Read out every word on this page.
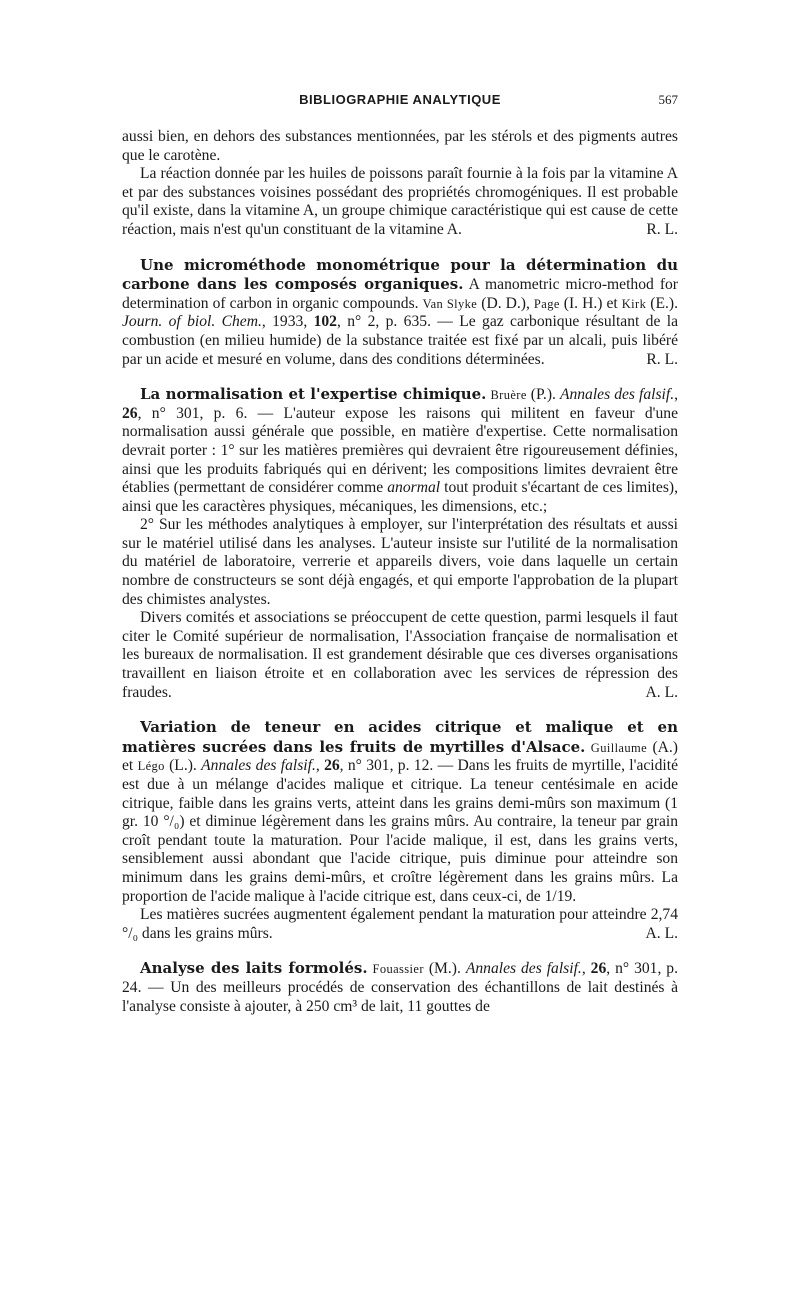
BIBLIOGRAPHIE ANALYTIQUE	567

aussi bien, en dehors des substances mentionnées, par les stérols et des pigments autres que le carotène.

La réaction donnée par les huiles de poissons paraît fournie à la fois par la vitamine A et par des substances voisines possédant des propriétés chromogéniques. Il est probable qu'il existe, dans la vitamine A, un groupe chimique caractéristique qui est cause de cette réaction, mais n'est qu'un constituant de la vitamine A.	R. L.

Une microméthode monométrique pour la détermination du carbone dans les composés organiques. A manometric micro-method for determination of carbon in organic compounds. Van Slyke (D. D.), Page (I. H.) et Kirk (E.). Journ. of biol. Chem., 1933, 102, n° 2, p. 635. — Le gaz carbonique résultant de la combustion (en milieu humide) de la substance traitée est fixé par un alcali, puis libéré par un acide et mesuré en volume, dans des conditions déterminées.	R. L.

La normalisation et l'expertise chimique. Bruère (P.). Annales des falsif., 26, n° 301, p. 6. — L'auteur expose les raisons qui militent en faveur d'une normalisation aussi générale que possible, en matière d'expertise. Cette normalisation devrait porter : 1° sur les matières premières qui devraient être rigoureusement définies, ainsi que les produits fabriqués qui en dérivent; les compositions limites devraient être établies (permettant de considérer comme anormal tout produit s'écartant de ces limites), ainsi que les caractères physiques, mécaniques, les dimensions, etc.;

2° Sur les méthodes analytiques à employer, sur l'interprétation des résultats et aussi sur le matériel utilisé dans les analyses. L'auteur insiste sur l'utilité de la normalisation du matériel de laboratoire, verrerie et appareils divers, voie dans laquelle un certain nombre de constructeurs se sont déjà engagés, et qui emporte l'approbation de la plupart des chimistes analystes.

Divers comités et associations se préoccupent de cette question, parmi lesquels il faut citer le Comité supérieur de normalisation, l'Association française de normalisation et les bureaux de normalisation. Il est grandement désirable que ces diverses organisations travaillent en liaison étroite et en collaboration avec les services de répression des fraudes.	A. L.

Variation de teneur en acides citrique et malique et en matières sucrées dans les fruits de myrtilles d'Alsace. Guillaume (A.) et Légo (L.). Annales des falsif., 26, n° 301, p. 12. — Dans les fruits de myrtille, l'acidité est due à un mélange d'acides malique et citrique. La teneur centésimale en acide citrique, faible dans les grains verts, atteint dans les grains demi-mûrs son maximum (1 gr. 10 °/₀) et diminue légèrement dans les grains mûrs. Au contraire, la teneur par grain croît pendant toute la maturation. Pour l'acide malique, il est, dans les grains verts, sensiblement aussi abondant que l'acide citrique, puis diminue pour atteindre son minimum dans les grains demi-mûrs, et croître légèrement dans les grains mûrs. La proportion de l'acide malique à l'acide citrique est, dans ceux-ci, de 1/19.

Les matières sucrées augmentent également pendant la maturation pour atteindre 2,74 °/₀ dans les grains mûrs.	A. L.

Analyse des laits formolés. Fouassier (M.). Annales des falsif., 26, n° 301, p. 24. — Un des meilleurs procédés de conservation des échantillons de lait destinés à l'analyse consiste à ajouter, à 250 cm³ de lait, 11 gouttes de
